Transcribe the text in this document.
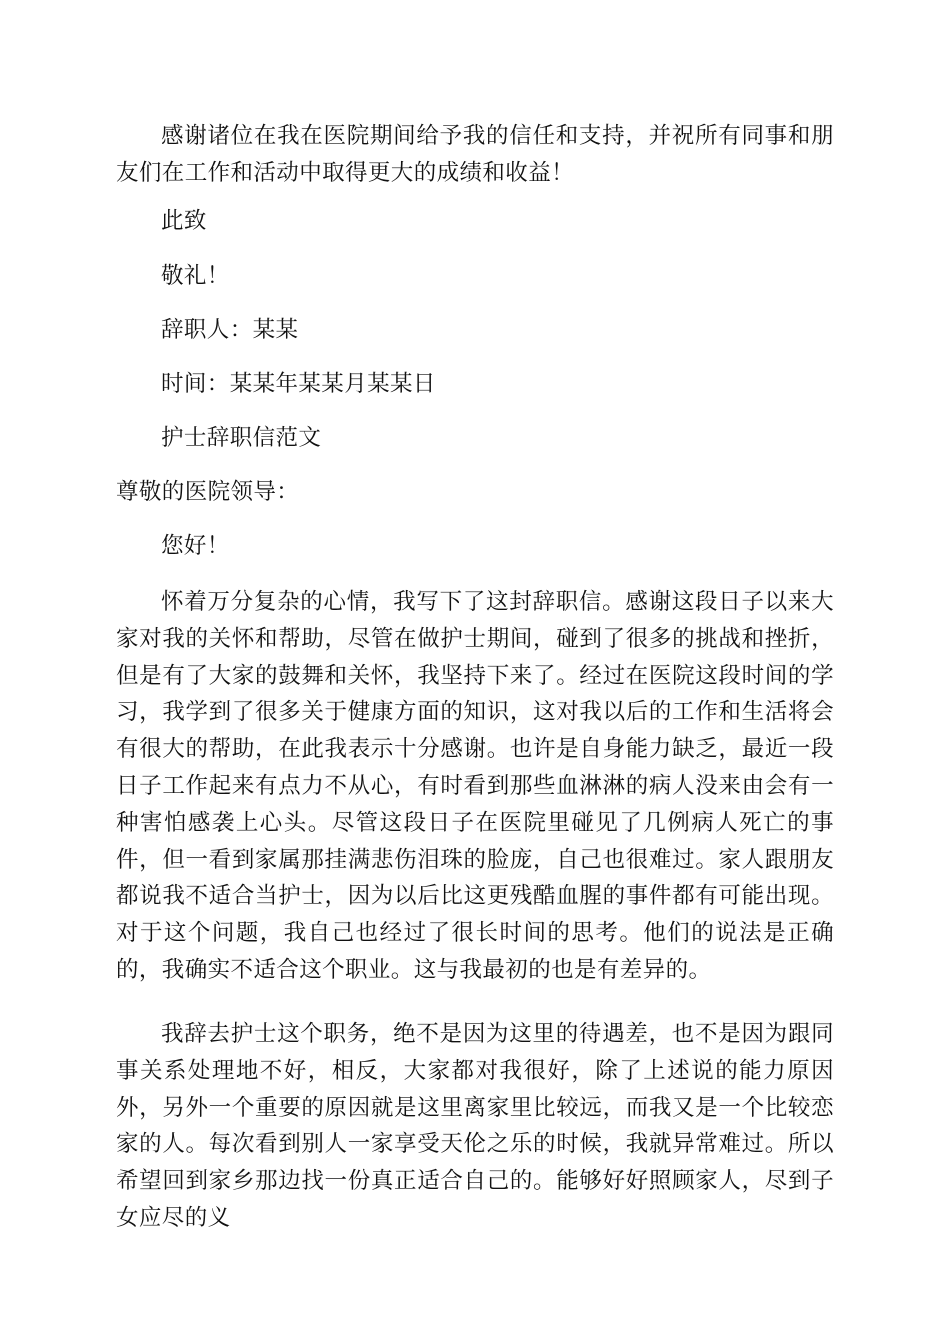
感谢诸位在我在医院期间给予我的信任和支持，并祝所有同事和朋友们在工作和活动中取得更大的成绩和收益！

此致

敬礼！

辞职人：某某

时间：某某年某某月某某日

护士辞职信范文

尊敬的医院领导：

您好！

怀着万分复杂的心情，我写下了这封辞职信。感谢这段日子以来大家对我的关怀和帮助，尽管在做护士期间，碰到了很多的挑战和挫折，但是有了大家的鼓舞和关怀，我坚持下来了。经过在医院这段时间的学习，我学到了很多关于健康方面的知识，这对我以后的工作和生活将会有很大的帮助，在此我表示十分感谢。也许是自身能力缺乏，最近一段日子工作起来有点力不从心，有时看到那些血淋淋的病人没来由会有一种害怕感袭上心头。尽管这段日子在医院里碰见了几例病人死亡的事件，但一看到家属那挂满悲伤泪珠的脸庞，自己也很难过。家人跟朋友都说我不适合当护士，因为以后比这更残酷血腥的事件都有可能出现。对于这个问题，我自己也经过了很长时间的思考。他们的说法是正确的，我确实不适合这个职业。这与我最初的也是有差异的。

我辞去护士这个职务，绝不是因为这里的待遇差，也不是因为跟同事关系处理地不好，相反，大家都对我很好，除了上述说的能力原因外，另外一个重要的原因就是这里离家里比较远，而我又是一个比较恋家的人。每次看到别人一家享受天伦之乐的时候，我就异常难过。所以希望回到家乡那边找一份真正适合自己的。能够好好照顾家人，尽到子女应尽的义
